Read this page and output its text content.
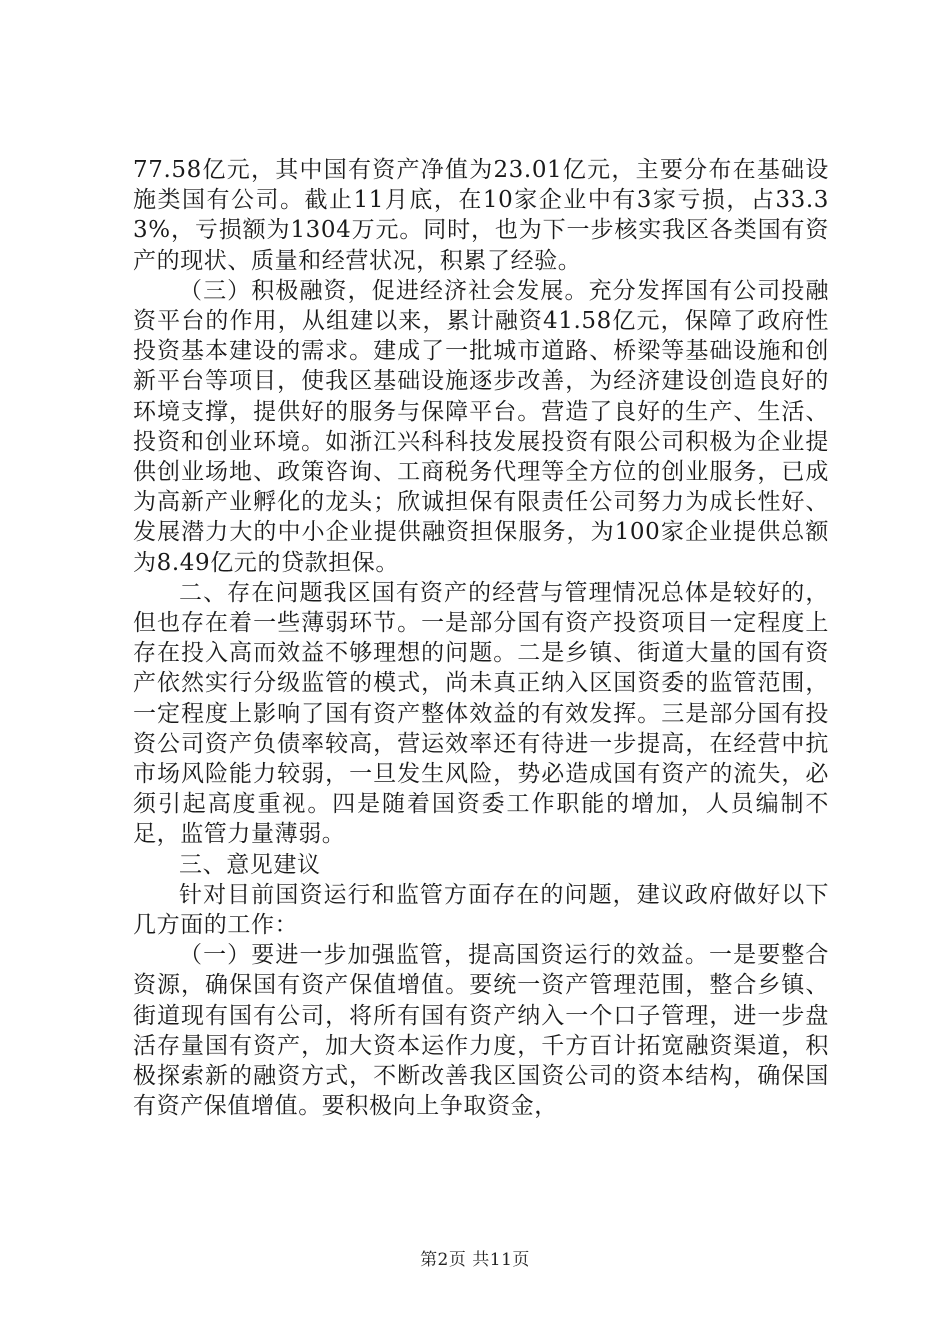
77.58亿元，其中国有资产净值为23.01亿元，主要分布在基础设施类国有公司。截止11月底，在10家企业中有3家亏损，占33.33%，亏损额为1304万元。同时，也为下一步核实我区各类国有资产的现状、质量和经营状况，积累了经验。

（三）积极融资，促进经济社会发展。充分发挥国有公司投融资平台的作用，从组建以来，累计融资41.58亿元，保障了政府性投资基本建设的需求。建成了一批城市道路、桥梁等基础设施和创新平台等项目，使我区基础设施逐步改善，为经济建设创造良好的环境支撑，提供好的服务与保障平台。营造了良好的生产、生活、投资和创业环境。如浙江兴科科技发展投资有限公司积极为企业提供创业场地、政策咨询、工商税务代理等全方位的创业服务，已成为高新产业孵化的龙头；欣诚担保有限责任公司努力为成长性好、发展潜力大的中小企业提供融资担保服务，为100家企业提供总额为8.49亿元的贷款担保。

二、存在问题我区国有资产的经营与管理情况总体是较好的，但也存在着一些薄弱环节。一是部分国有资产投资项目一定程度上存在投入高而效益不够理想的问题。二是乡镇、街道大量的国有资产依然实行分级监管的模式，尚未真正纳入区国资委的监管范围，一定程度上影响了国有资产整体效益的有效发挥。三是部分国有投资公司资产负债率较高，营运效率还有待进一步提高，在经营中抗市场风险能力较弱，一旦发生风险，势必造成国有资产的流失，必须引起高度重视。四是随着国资委工作职能的增加，人员编制不足，监管力量薄弱。

三、意见建议

针对目前国资运行和监管方面存在的问题，建议政府做好以下几方面的工作：

（一）要进一步加强监管，提高国资运行的效益。一是要整合资源，确保国有资产保值增值。要统一资产管理范围，整合乡镇、街道现有国有公司，将所有国有资产纳入一个口子管理，进一步盘活存量国有资产，加大资本运作力度，千方百计拓宽融资渠道，积极探索新的融资方式，不断改善我区国资公司的资本结构，确保国有资产保值增值。要积极向上争取资金，

第2页 共11页
